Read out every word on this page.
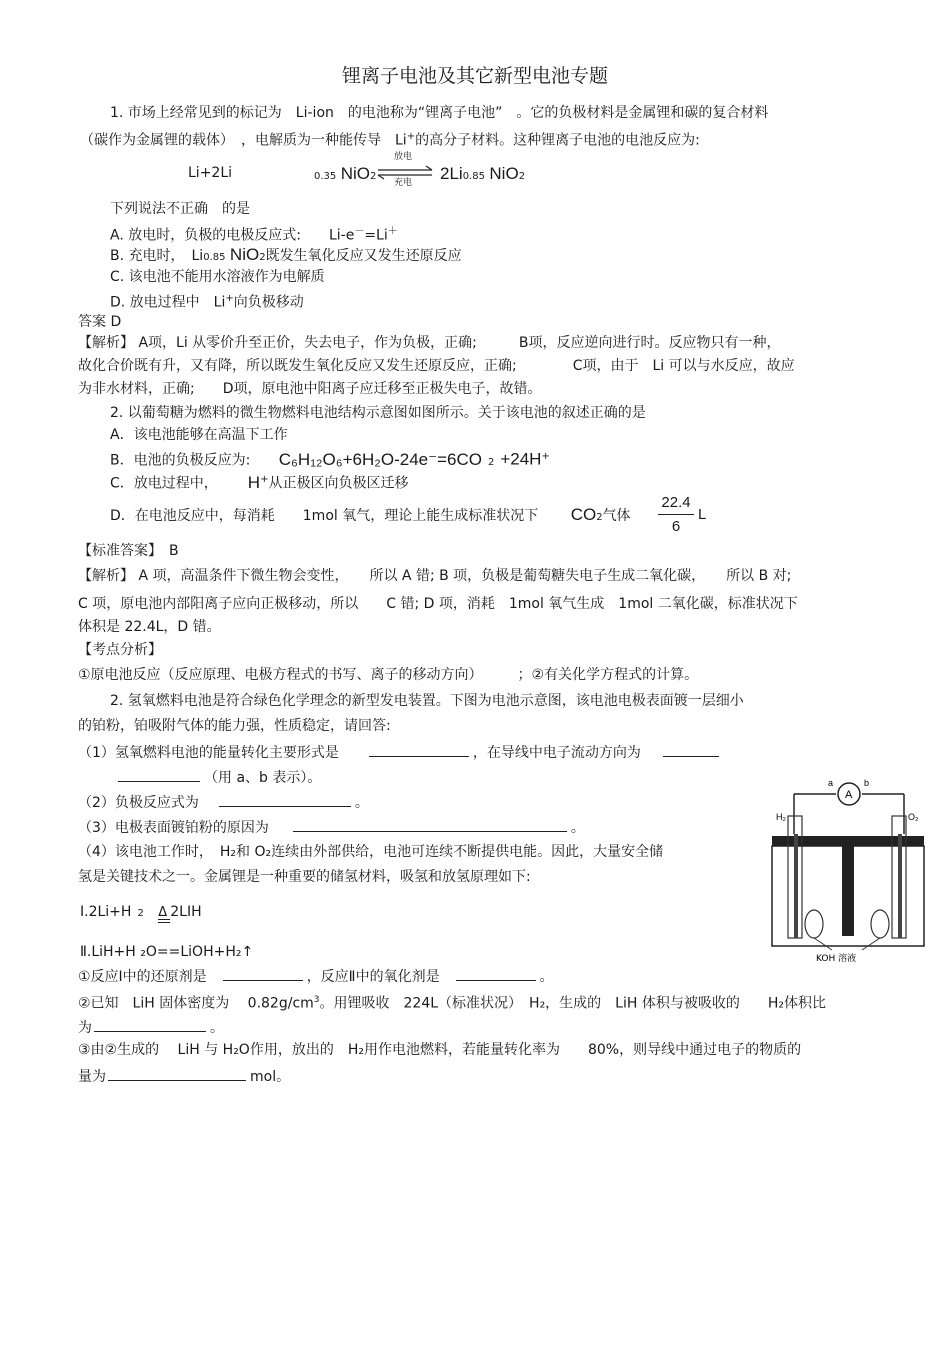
锂离子电池及其它新型电池专题
1. 市场上经常见到的标记为　Li-ion　的电池称为“锂离子电池”　。它的负极材料是金属锂和碳的复合材料
（碳作为金属锂的载体）　，电解质为一种能传导　Li+的高分子材料。这种锂离子电池的电池反应为:
Li+2Li	0.35 NiO2
放电
充电 2Li0.85 NiO2
下列说法不正确　的是
A. 放电时，负极的电极反应式:　　Li-e－=Li＋
B. 充电时，　Li0.85 NiO2既发生氧化反应又发生还原反应
C. 该电池不能用水溶液作为电解质
D. 放电过程中　Li+向负极移动
答案 D
【解析】 A项，Li 从零价升至正价，失去电子，作为负极，正确;　　　B项，反应逆向进行时。反应物只有一种，
故化合价既有升，又有降，所以既发生氧化反应又发生还原反应，正确;　　　　C项，由于　Li 可以与水反应，故应
为非水材料，正确;　　D项，原电池中阳离子应迁移至正极失电子，故错。
2. 以葡萄糖为燃料的微生物燃料电池结构示意图如图所示。关于该电池的叙述正确的是
A．该电池能够在高温下工作
B．电池的负极反应为: C₆H₁₂O₆+6H₂O-24e⁻=6CO 2 +24H+
C．放电过程中， H+从正极区向负极区迁移
D．在电池反应中，每消耗　　1mol 氧气，理论上能生成标准状况下 CO2气体
22.4
6
L
【标准答案】　B
【解析】 A 项，高温条件下微生物会变性，　　所以 A 错; B 项，负极是葡萄糖失电子生成二氧化碳，　　所以 B 对;
C 项，原电池内部阳离子应向正极移动，所以　　C 错; D 项，消耗　1mol 氧气生成　1mol 二氧化碳，标准状况下
体积是 22.4L，D 错。
【考点分析】
①原电池反应（反应原理、电极方程式的书写、离子的移动方向）　　　；②有关化学方程式的计算。
2. 氢氧燃料电池是符合绿色化学理念的新型发电装置。下图为电池示意图，该电池电极表面镀一层细小
的铂粉，铂吸附气体的能力强，性质稳定，请回答:
（1）氢氧燃料电池的能量转化主要形式是	，在导线中电子流动方向为
（用 a、b 表示）。
（2）负极反应式为	。
（3）电极表面镀铂粉的原因为	。
（4）该电池工作时，　H₂和 O₂连续由外部供给，电池可连续不断提供电能。因此，大量安全储
氢是关键技术之一。金属锂是一种重要的储氢材料，吸氢和放氢原理如下:
Ⅰ.2Li+H 2 Δ 2LIH
Ⅱ.LiH+H ₂O==LiOH+H₂↑
①反应Ⅰ中的还原剂是	，反应Ⅱ中的氧化剂是	。
②已知　LiH 固体密度为　 $0.82g/cm^3$。用锂吸收　224L（标准状况）　H₂，生成的　LiH 体积与被吸收的　　H₂体积比
为	。
③由②生成的　 LiH 与 H₂O作用，放出的　H₂用作电池燃料，若能量转化率为　　80%，则导线中通过电子的物质的
量为	mol。
a	b
A
H₂	O₂
KOH 溶液
